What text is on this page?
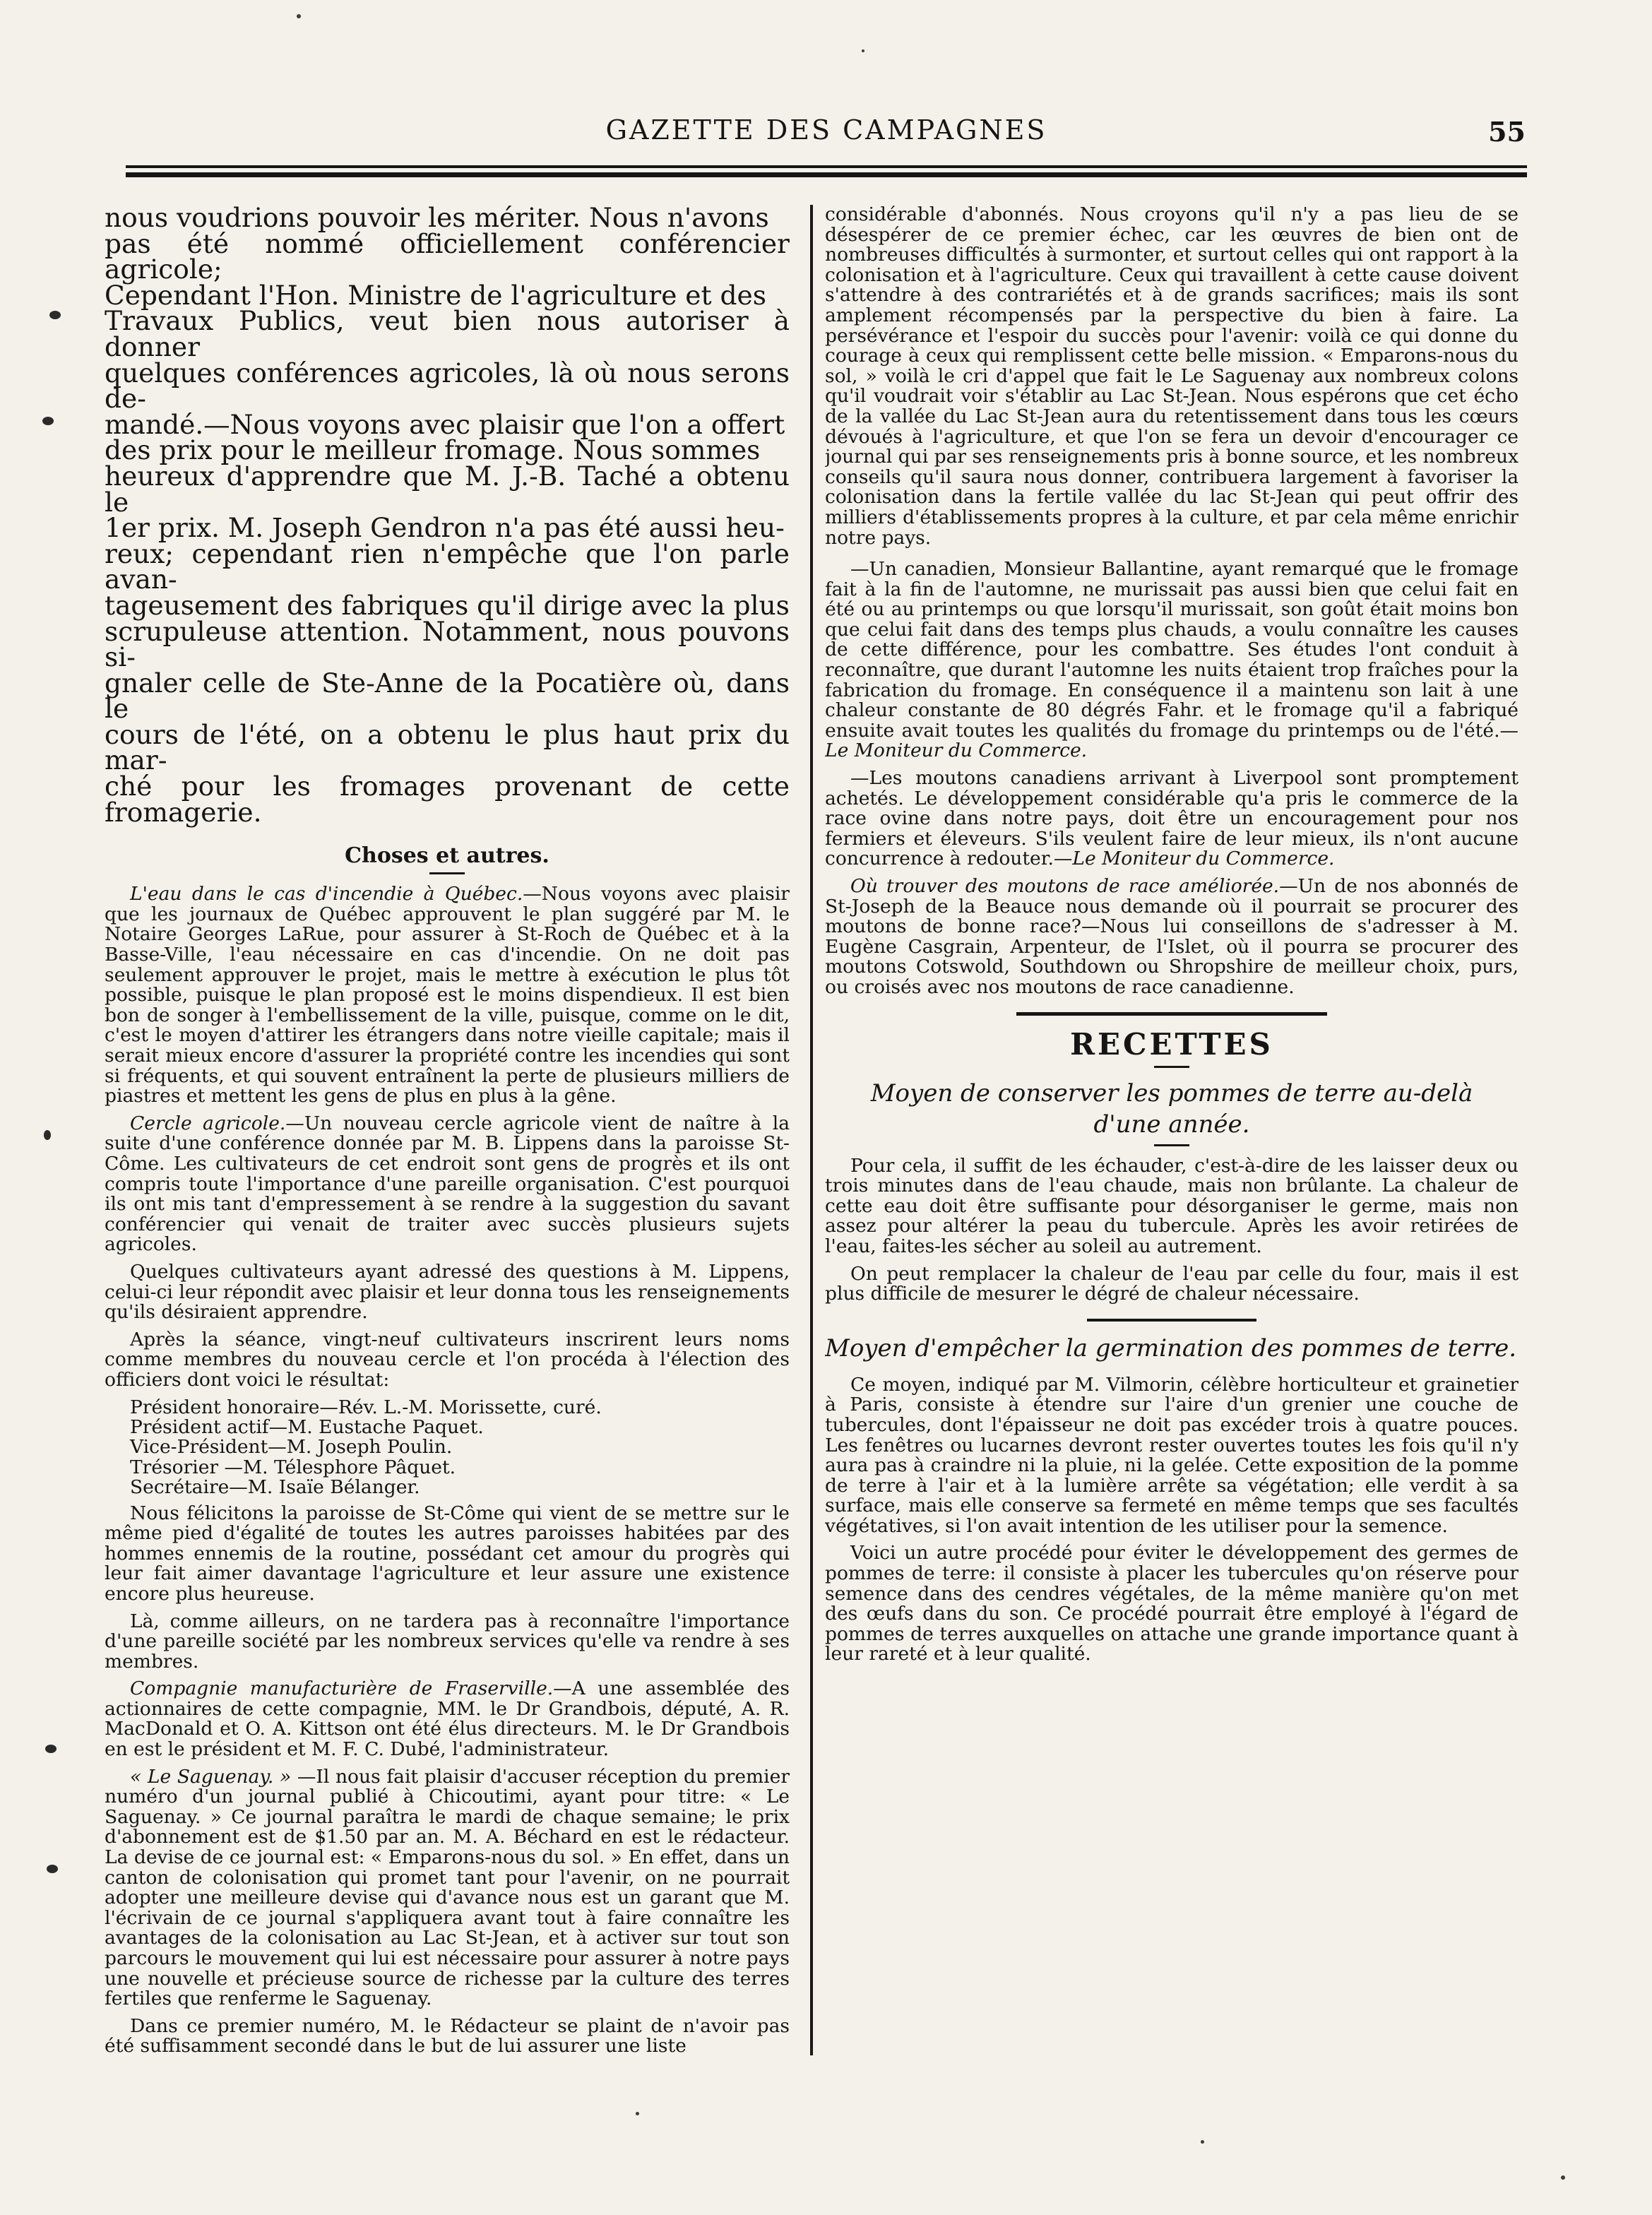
GAZETTE DES CAMPAGNES	55

nous voudrions pouvoir les mériter. Nous n'avons

pas été nommé officiellement conférencier agricole;

Cependant l'Hon. Ministre de l'agriculture et des

Travaux Publics, veut bien nous autoriser à donner

quelques conférences agricoles, là où nous serons de-

mandé.—Nous voyons avec plaisir que l'on a offert

des prix pour le meilleur fromage. Nous sommes

heureux d'apprendre que M. J.-B. Taché a obtenu le

1er prix. M. Joseph Gendron n'a pas été aussi heu-

reux; cependant rien n'empêche que l'on parle avan-

tageusement des fabriques qu'il dirige avec la plus

scrupuleuse attention. Notamment, nous pouvons si-

gnaler celle de Ste-Anne de la Pocatière où, dans le

cours de l'été, on a obtenu le plus haut prix du mar-

ché pour les fromages provenant de cette fromagerie.

Choses et autres.

L'eau dans le cas d'incendie à Québec.—Nous voyons avec plaisir que les journaux de Québec approuvent le plan suggéré par M. le Notaire Georges LaRue, pour assurer à St-Roch de Québec et à la Basse-Ville, l'eau nécessaire en cas d'incendie. On ne doit pas seulement approuver le projet, mais le mettre à exécution le plus tôt possible, puisque le plan proposé est le moins dispendieux. Il est bien bon de songer à l'embellissement de la ville, puisque, comme on le dit, c'est le moyen d'attirer les étrangers dans notre vieille capitale; mais il serait mieux encore d'assurer la propriété contre les incendies qui sont si fréquents, et qui souvent entraînent la perte de plusieurs milliers de piastres et mettent les gens de plus en plus à la gêne.

Cercle agricole.—Un nouveau cercle agricole vient de naître à la suite d'une conférence donnée par M. B. Lippens dans la paroisse St-Côme. Les cultivateurs de cet endroit sont gens de progrès et ils ont compris toute l'importance d'une pareille organisation. C'est pourquoi ils ont mis tant d'empressement à se rendre à la suggestion du savant conférencier qui venait de traiter avec succès plusieurs sujets agricoles.

Quelques cultivateurs ayant adressé des questions à M. Lippens, celui-ci leur répondit avec plaisir et leur donna tous les renseignements qu'ils désiraient apprendre.

Après la séance, vingt-neuf cultivateurs inscrirent leurs noms comme membres du nouveau cercle et l'on procéda à l'élection des officiers dont voici le résultat:

Président honoraire—Rév. L.-M. Morissette, curé.
Président actif—M. Eustache Paquet.
Vice-Président—M. Joseph Poulin.
Trésorier —M. Télesphore Pâquet.
Secrétaire—M. Isaïe Bélanger.

Nous félicitons la paroisse de St-Côme qui vient de se mettre sur le même pied d'égalité de toutes les autres paroisses habitées par des hommes ennemis de la routine, possédant cet amour du progrès qui leur fait aimer davantage l'agriculture et leur assure une existence encore plus heureuse.

Là, comme ailleurs, on ne tardera pas à reconnaître l'importance d'une pareille société par les nombreux services qu'elle va rendre à ses membres.

Compagnie manufacturière de Fraserville.—A une assemblée des actionnaires de cette compagnie, MM. le Dr Grandbois, député, A. R. MacDonald et O. A. Kittson ont été élus directeurs. M. le Dr Grandbois en est le président et M. F. C. Dubé, l'administrateur.

« Le Saguenay. » —Il nous fait plaisir d'accuser réception du premier numéro d'un journal publié à Chicoutimi, ayant pour titre: « Le Saguenay. » Ce journal paraîtra le mardi de chaque semaine; le prix d'abonnement est de $1.50 par an. M. A. Béchard en est le rédacteur. La devise de ce journal est: « Emparons-nous du sol. » En effet, dans un canton de colonisation qui promet tant pour l'avenir, on ne pourrait adopter une meilleure devise qui d'avance nous est un garant que M. l'écrivain de ce journal s'appliquera avant tout à faire connaître les avantages de la colonisation au Lac St-Jean, et à activer sur tout son parcours le mouvement qui lui est nécessaire pour assurer à notre pays une nouvelle et précieuse source de richesse par la culture des terres fertiles que renferme le Saguenay.

Dans ce premier numéro, M. le Rédacteur se plaint de n'avoir pas été suffisamment secondé dans le but de lui assurer une liste

considérable d'abonnés. Nous croyons qu'il n'y a pas lieu de se désespérer de ce premier échec, car les œuvres de bien ont de nombreuses difficultés à surmonter, et surtout celles qui ont rapport à la colonisation et à l'agriculture. Ceux qui travaillent à cette cause doivent s'attendre à des contrariétés et à de grands sacrifices; mais ils sont amplement récompensés par la perspective du bien à faire. La persévérance et l'espoir du succès pour l'avenir: voilà ce qui donne du courage à ceux qui remplissent cette belle mission. « Emparons-nous du sol, » voilà le cri d'appel que fait le Le Saguenay aux nombreux colons qu'il voudrait voir s'établir au Lac St-Jean. Nous espérons que cet écho de la vallée du Lac St-Jean aura du retentissement dans tous les cœurs dévoués à l'agriculture, et que l'on se fera un devoir d'encourager ce journal qui par ses renseignements pris à bonne source, et les nombreux conseils qu'il saura nous donner, contribuera largement à favoriser la colonisation dans la fertile vallée du lac St-Jean qui peut offrir des milliers d'établissements propres à la culture, et par cela même enrichir notre pays.

—Un canadien, Monsieur Ballantine, ayant remarqué que le fromage fait à la fin de l'automne, ne murissait pas aussi bien que celui fait en été ou au printemps ou que lorsqu'il murissait, son goût était moins bon que celui fait dans des temps plus chauds, a voulu connaître les causes de cette différence, pour les combattre. Ses études l'ont conduit à reconnaître, que durant l'automne les nuits étaient trop fraîches pour la fabrication du fromage. En conséquence il a maintenu son lait à une chaleur constante de 80 dégrés Fahr. et le fromage qu'il a fabriqué ensuite avait toutes les qualités du fromage du printemps ou de l'été.—Le Moniteur du Commerce.

—Les moutons canadiens arrivant à Liverpool sont promptement achetés. Le développement considérable qu'a pris le commerce de la race ovine dans notre pays, doit être un encouragement pour nos fermiers et éleveurs. S'ils veulent faire de leur mieux, ils n'ont aucune concurrence à redouter.—Le Moniteur du Commerce.

Où trouver des moutons de race améliorée.—Un de nos abonnés de St-Joseph de la Beauce nous demande où il pourrait se procurer des moutons de bonne race?—Nous lui conseillons de s'adresser à M. Eugène Casgrain, Arpenteur, de l'Islet, où il pourra se procurer des moutons Cotswold, Southdown ou Shropshire de meilleur choix, purs, ou croisés avec nos moutons de race canadienne.

RECETTES
Moyen de conserver les pommes de terre au-delà
d'une année.

Pour cela, il suffit de les échauder, c'est-à-dire de les laisser deux ou trois minutes dans de l'eau chaude, mais non brûlante. La chaleur de cette eau doit être suffisante pour désorganiser le germe, mais non assez pour altérer la peau du tubercule. Après les avoir retirées de l'eau, faites-les sécher au soleil au autrement.

On peut remplacer la chaleur de l'eau par celle du four, mais il est plus difficile de mesurer le dégré de chaleur nécessaire.

Moyen d'empêcher la germination des pommes de terre.

Ce moyen, indiqué par M. Vilmorin, célèbre horticulteur et grainetier à Paris, consiste à étendre sur l'aire d'un grenier une couche de tubercules, dont l'épaisseur ne doit pas excéder trois à quatre pouces. Les fenêtres ou lucarnes devront rester ouvertes toutes les fois qu'il n'y aura pas à craindre ni la pluie, ni la gelée. Cette exposition de la pomme de terre à l'air et à la lumière arrête sa végétation; elle verdit à sa surface, mais elle conserve sa fermeté en même temps que ses facultés végétatives, si l'on avait intention de les utiliser pour la semence.

Voici un autre procédé pour éviter le développement des germes de pommes de terre: il consiste à placer les tubercules qu'on réserve pour semence dans des cendres végétales, de la même manière qu'on met des œufs dans du son. Ce procédé pourrait être employé à l'égard de pommes de terres auxquelles on attache une grande importance quant à leur rareté et à leur qualité.
